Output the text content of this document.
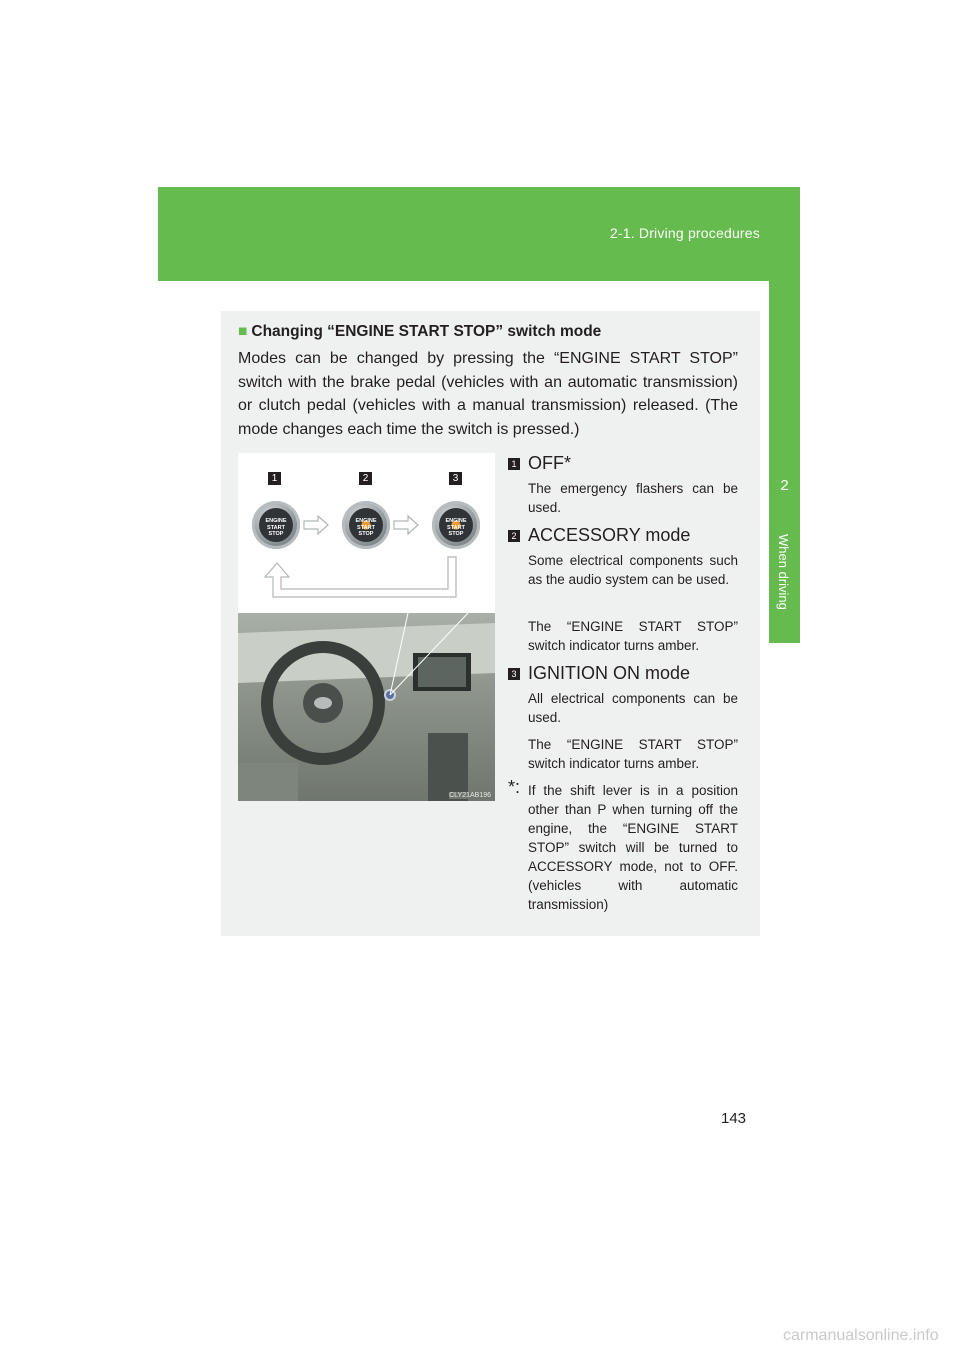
2-1. Driving procedures
2
When driving
■ Changing “ENGINE START STOP” switch mode
Modes can be changed by pressing the “ENGINE START STOP” switch with the brake pedal (vehicles with an automatic transmission) or clutch pedal (vehicles with a manual transmission) released. (The mode changes each time the switch is pressed.)
1	2	3
ENGINE
START
STOP
ENGINE
START
STOP
ENGINE
START
STOP
CLY21AB196
1 OFF*
The emergency flashers can be used.
2 ACCESSORY mode
Some electrical components such as the audio system can be used.
The “ENGINE START STOP” switch indicator turns amber.
3 IGNITION ON mode
All electrical components can be used.
The “ENGINE START STOP” switch indicator turns amber.
*: If the shift lever is in a position other than P when turning off the engine, the “ENGINE START STOP” switch will be turned to ACCESSORY mode, not to OFF. (vehicles with automatic transmission)
143
carmanualsonline.info
